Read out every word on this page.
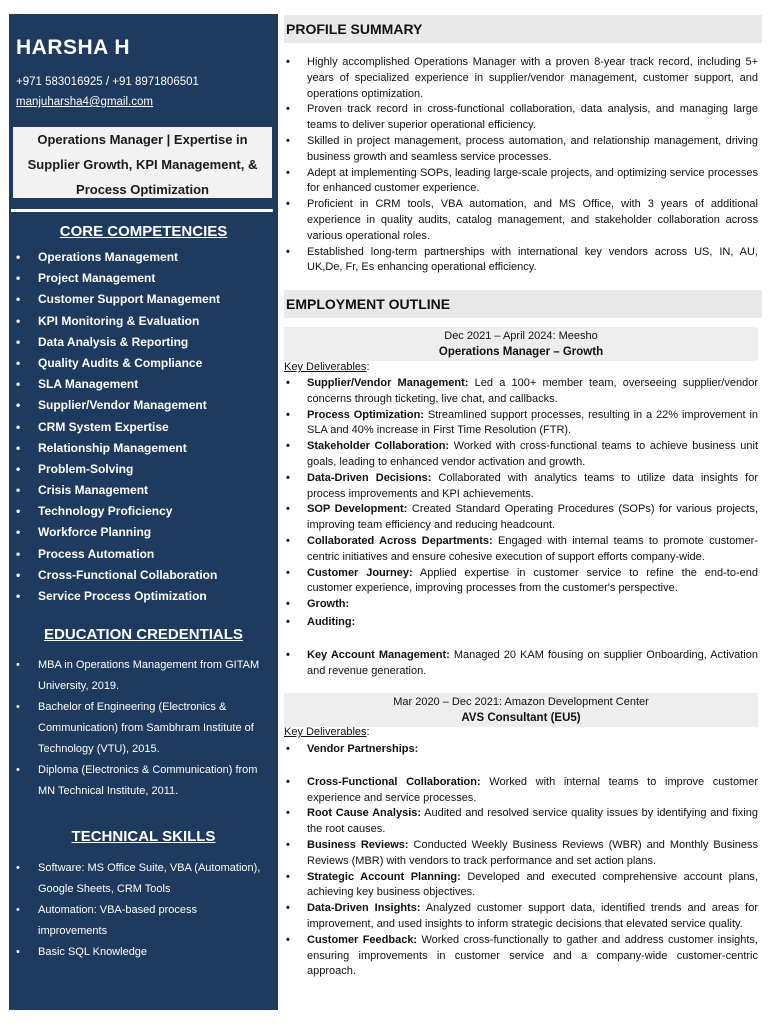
HARSHA H
+971 583016925 / +91 8971806501
manjuharsha4@gmail.com
Operations Manager | Expertise in
Supplier Growth, KPI Management, &
Process Optimization
CORE COMPETENCIES
• Operations Management
• Project Management
• Customer Support Management
• KPI Monitoring & Evaluation
• Data Analysis & Reporting
• Quality Audits & Compliance
• SLA Management
• Supplier/Vendor Management
• CRM System Expertise
• Relationship Management
• Problem-Solving
• Crisis Management
• Technology Proficiency
• Workforce Planning
• Process Automation
• Cross-Functional Collaboration
• Service Process Optimization
EDUCATION CREDENTIALS
• MBA in Operations Management from GITAM University, 2019.
• Bachelor of Engineering (Electronics & Communication) from Sambhram Institute of Technology (VTU), 2015.
• Diploma (Electronics & Communication) from MN Technical Institute, 2011.
TECHNICAL SKILLS
• Software: MS Office Suite, VBA (Automation), Google Sheets, CRM Tools
• Automation: VBA-based process improvements
• Basic SQL Knowledge
PROFILE SUMMARY
• Highly accomplished Operations Manager with a proven 8-year track record, including 5+ years of specialized experience in supplier/vendor management, customer support, and operations optimization.
• Proven track record in cross-functional collaboration, data analysis, and managing large teams to deliver superior operational efficiency.
• Skilled in project management, process automation, and relationship management, driving business growth and seamless service processes.
• Adept at implementing SOPs, leading large-scale projects, and optimizing service processes for enhanced customer experience.
• Proficient in CRM tools, VBA automation, and MS Office, with 3 years of additional experience in quality audits, catalog management, and stakeholder collaboration across various operational roles.
• Established long-term partnerships with international key vendors across US, IN, AU, UK,De, Fr, Es enhancing operational efficiency.
EMPLOYMENT OUTLINE
Dec 2021 – April 2024: Meesho
Operations Manager – Growth
Key Deliverables:
• Supplier/Vendor Management: Led a 100+ member team, overseeing supplier/vendor concerns through ticketing, live chat, and callbacks.
• Process Optimization: Streamlined support processes, resulting in a 22% improvement in SLA and 40% increase in First Time Resolution (FTR).
• Stakeholder Collaboration: Worked with cross-functional teams to achieve business unit goals, leading to enhanced vendor activation and growth.
• Data-Driven Decisions: Collaborated with analytics teams to utilize data insights for process improvements and KPI achievements.
• SOP Development: Created Standard Operating Procedures (SOPs) for various projects, improving team efficiency and reducing headcount.
• Collaborated Across Departments: Engaged with internal teams to promote customer-centric initiatives and ensure cohesive execution of support efforts company-wide.
• Customer Journey: Applied expertise in customer service to refine the end-to-end customer experience, improving processes from the customer's perspective.
• Growth:
• Auditing:
• Key Account Management: Managed 20 KAM fousing on supplier Onboarding, Activation and revenue generation.
Mar 2020 – Dec 2021: Amazon Development Center
AVS Consultant (EU5)
Key Deliverables:
• Vendor Partnerships:
• Cross-Functional Collaboration: Worked with internal teams to improve customer experience and service processes.
• Root Cause Analysis: Audited and resolved service quality issues by identifying and fixing the root causes.
• Business Reviews: Conducted Weekly Business Reviews (WBR) and Monthly Business Reviews (MBR) with vendors to track performance and set action plans.
• Strategic Account Planning: Developed and executed comprehensive account plans, achieving key business objectives.
• Data-Driven Insights: Analyzed customer support data, identified trends and areas for improvement, and used insights to inform strategic decisions that elevated service quality.
• Customer Feedback: Worked cross-functionally to gather and address customer insights, ensuring improvements in customer service and a company-wide customer-centric approach.
